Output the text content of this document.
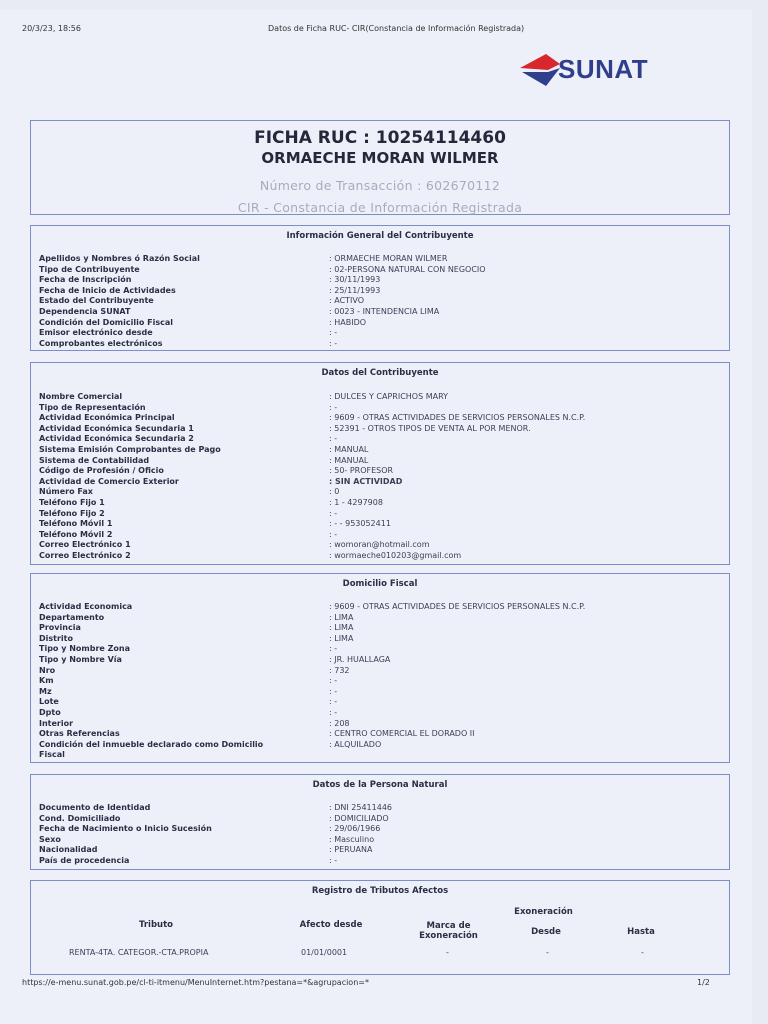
20/3/23, 18:56	Datos de Ficha RUC- CIR(Constancia de Información Registrada)
SUNAT
FICHA RUC : 10254114460
ORMAECHE MORAN WILMER
Número de Transacción : 602670112
CIR - Constancia de Información Registrada
Información General del Contribuyente
Apellidos y Nombres ó Razón Social	: ORMAECHE MORAN WILMER
Tipo de Contribuyente	: 02-PERSONA NATURAL CON NEGOCIO
Fecha de Inscripción	: 30/11/1993
Fecha de Inicio de Actividades	: 25/11/1993
Estado del Contribuyente	: ACTIVO
Dependencia SUNAT	: 0023 - INTENDENCIA LIMA
Condición del Domicilio Fiscal	: HABIDO
Emisor electrónico desde	: -
Comprobantes electrónicos	: -
Datos del Contribuyente
Nombre Comercial	: DULCES Y CAPRICHOS MARY
Tipo de Representación	: -
Actividad Económica Principal	: 9609 - OTRAS ACTIVIDADES DE SERVICIOS PERSONALES N.C.P.
Actividad Económica Secundaria 1	: 52391 - OTROS TIPOS DE VENTA AL POR MENOR.
Actividad Económica Secundaria 2	: -
Sistema Emisión Comprobantes de Pago	: MANUAL
Sistema de Contabilidad	: MANUAL
Código de Profesión / Oficio	: 50- PROFESOR
Actividad de Comercio Exterior	: SIN ACTIVIDAD
Número Fax	: 0
Teléfono Fijo 1	: 1 - 4297908
Teléfono Fijo 2	: -
Teléfono Móvil 1	: - - 953052411
Teléfono Móvil 2	: -
Correo Electrónico 1	: womoran@hotmail.com
Correo Electrónico 2	: wormaeche010203@gmail.com
Domicilio Fiscal
Actividad Economica	: 9609 - OTRAS ACTIVIDADES DE SERVICIOS PERSONALES N.C.P.
Departamento	: LIMA
Provincia	: LIMA
Distrito	: LIMA
Tipo y Nombre Zona	: -
Tipo y Nombre Vía	: JR. HUALLAGA
Nro	: 732
Km	: -
Mz	: -
Lote	: -
Dpto	: -
Interior	: 208
Otras Referencias	: CENTRO COMERCIAL EL DORADO II
Condición del inmueble declarado como Domicilio	: ALQUILADO
Fiscal
Datos de la Persona Natural
Documento de Identidad	: DNI 25411446
Cond. Domiciliado	: DOMICILIADO
Fecha de Nacimiento o Inicio Sucesión	: 29/06/1966
Sexo	: Masculino
Nacionalidad	: PERUANA
País de procedencia	: -
Registro de Tributos Afectos
Tributo	Afecto desde	Marca de Exoneración
Exoneración
Desde	Hasta
RENTA-4TA. CATEGOR.-CTA.PROPIA	01/01/0001	-	-	-
https://e-menu.sunat.gob.pe/cl-ti-itmenu/MenuInternet.htm?pestana=*&agrupacion=*	1/2
